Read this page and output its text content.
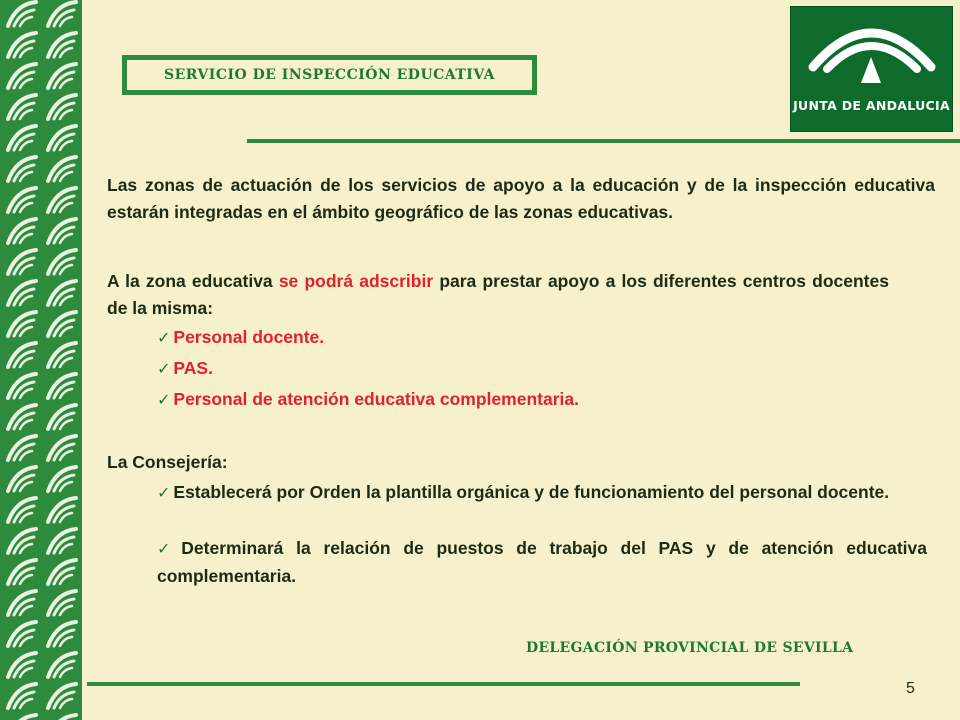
SERVICIO DE INSPECCIÓN EDUCATIVA
JUNTA DE ANDALUCIA
Las zonas de actuación de los servicios de apoyo a la educación y de la inspección educativa estarán integradas en el ámbito geográfico de las zonas educativas.
A la zona educativa se podrá adscribir para prestar apoyo a los diferentes centros docentes de la misma:
✓ Personal docente.
✓ PAS.
✓ Personal de atención educativa complementaria.
La Consejería:
✓ Establecerá por Orden la plantilla orgánica y de funcionamiento del personal docente.
✓ Determinará la relación de puestos de trabajo del PAS y de atención educativa complementaria.
DELEGACIÓN PROVINCIAL DE SEVILLA
5
